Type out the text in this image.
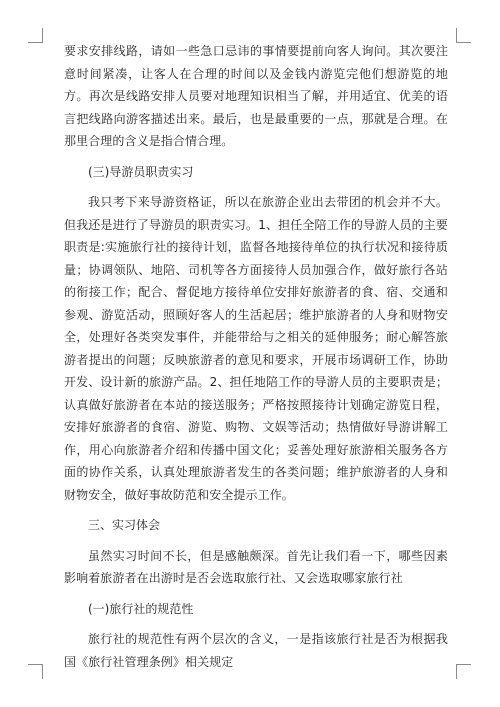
要求安排线路，请如一些急口忌讳的事情要提前向客人询问。其次要注意时间紧凑，让客人在合理的时间以及金钱内游览完他们想游览的地方。再次是线路安排人员要对地理知识相当了解，并用适宜、优美的语言把线路向游客描述出来。最后，也是最重要的一点，那就是合理。在那里合理的含义是指合情合理。

(三)导游员职责实习

我只考下来导游资格证，所以在旅游企业出去带团的机会并不大。但我还是进行了导游员的职责实习。1、担任全陪工作的导游人员的主要职责是:实施旅行社的接待计划，监督各地接待单位的执行状况和接待质量；协调领队、地陪、司机等各方面接待人员加强合作，做好旅行各站的衔接工作；配合、督促地方接待单位安排好旅游者的食、宿、交通和参观、游览活动，照顾好客人的生活起居；维护旅游者的人身和财物安全，处理好各类突发事件，并能带给与之相关的延伸服务；耐心解答旅游者提出的问题；反映旅游者的意见和要求，开展市场调研工作，协助开发、设计新的旅游产品。2、担任地陪工作的导游人员的主要职责是；认真做好旅游者在本站的接送服务；严格按照接待计划确定游览日程，安排好旅游者的食宿、游览、购物、文娱等活动；热情做好导游讲解工作，用心向旅游者介绍和传播中国文化；妥善处理好旅游相关服务各方面的协作关系，认真处理旅游者发生的各类问题；维护旅游者的人身和财物安全，做好事故防范和安全提示工作。

三、实习体会

虽然实习时间不长，但是感触颇深。首先让我们看一下，哪些因素影响着旅游者在出游时是否会选取旅行社、又会选取哪家旅行社

(一)旅行社的规范性

旅行社的规范性有两个层次的含义，一是指该旅行社是否为根据我国《旅行社管理条例》相关规定
